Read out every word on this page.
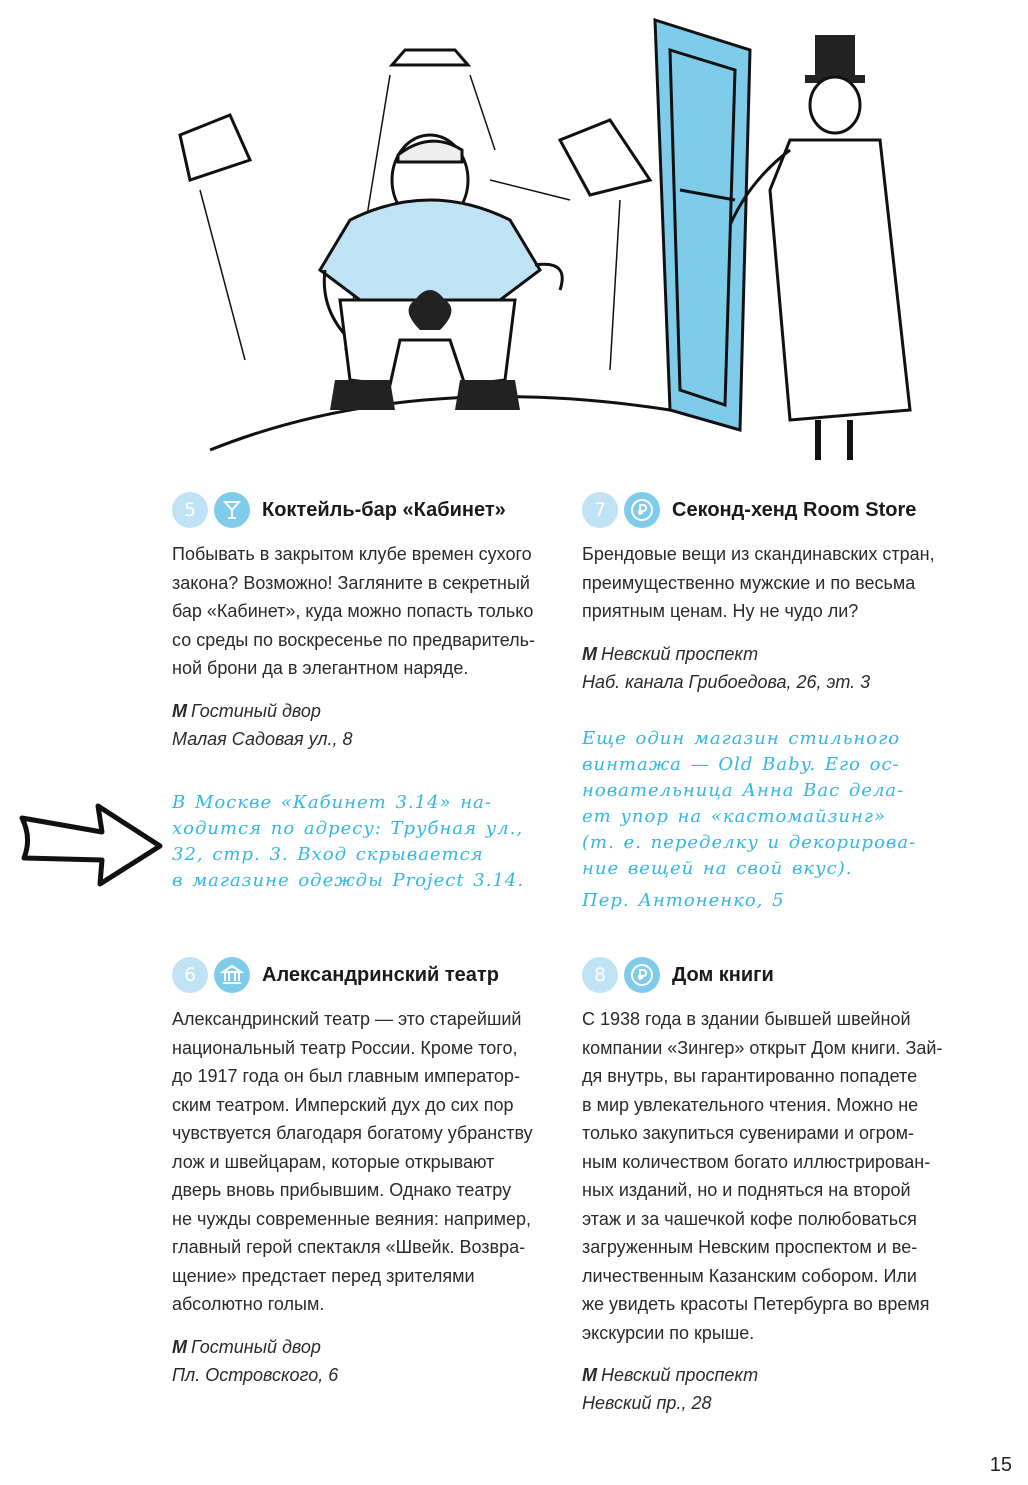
5	Коктейль-бар «Кабинет»
Побывать в закрытом клубе времен сухого
закона? Возможно! Загляните в секретный
бар «Кабинет», куда можно попасть только
со среды по воскресенье по предваритель-
ной брони да в элегантном наряде.
М Гостиный двор
Малая Садовая ул., 8
7	Секонд-хенд Room Store
Брендовые вещи из скандинавских стран,
преимущественно мужские и по весьма
приятным ценам. Ну не чудо ли?
М Невский проспект
Наб. канала Грибоедова, 26, эт. 3
В Москве «Кабинет 3.14» на-
ходится по адресу: Трубная ул.,
32, стр. 3. Вход скрывается
в магазине одежды Project 3.14.
Еще один магазин стильного
винтажа — Old Baby. Его ос-
новательница Анна Вас дела-
ет упор на «кастомайзинг»
(т. е. переделку и декорирова-
ние вещей на свой вкус).
Пер. Антоненко, 5
6	Александринский театр
Александринский театр — это старейший
национальный театр России. Кроме того,
до 1917 года он был главным император-
ским театром. Имперский дух до сих пор
чувствуется благодаря богатому убранству
лож и швейцарам, которые открывают
дверь вновь прибывшим. Однако театру
не чужды современные веяния: например,
главный герой спектакля «Швейк. Возвра-
щение» предстает перед зрителями
абсолютно голым.
М Гостиный двор
Пл. Островского, 6
8	Дом книги
С 1938 года в здании бывшей швейной
компании «Зингер» открыт Дом книги. Зай-
дя внутрь, вы гарантированно попадете
в мир увлекательного чтения. Можно не
только закупиться сувенирами и огром-
ным количеством богато иллюстрирован-
ных изданий, но и подняться на второй
этаж и за чашечкой кофе полюбоваться
загруженным Невским проспектом и ве-
личественным Казанским собором. Или
же увидеть красоты Петербурга во время
экскурсии по крыше.
М Невский проспект
Невский пр., 28
15
